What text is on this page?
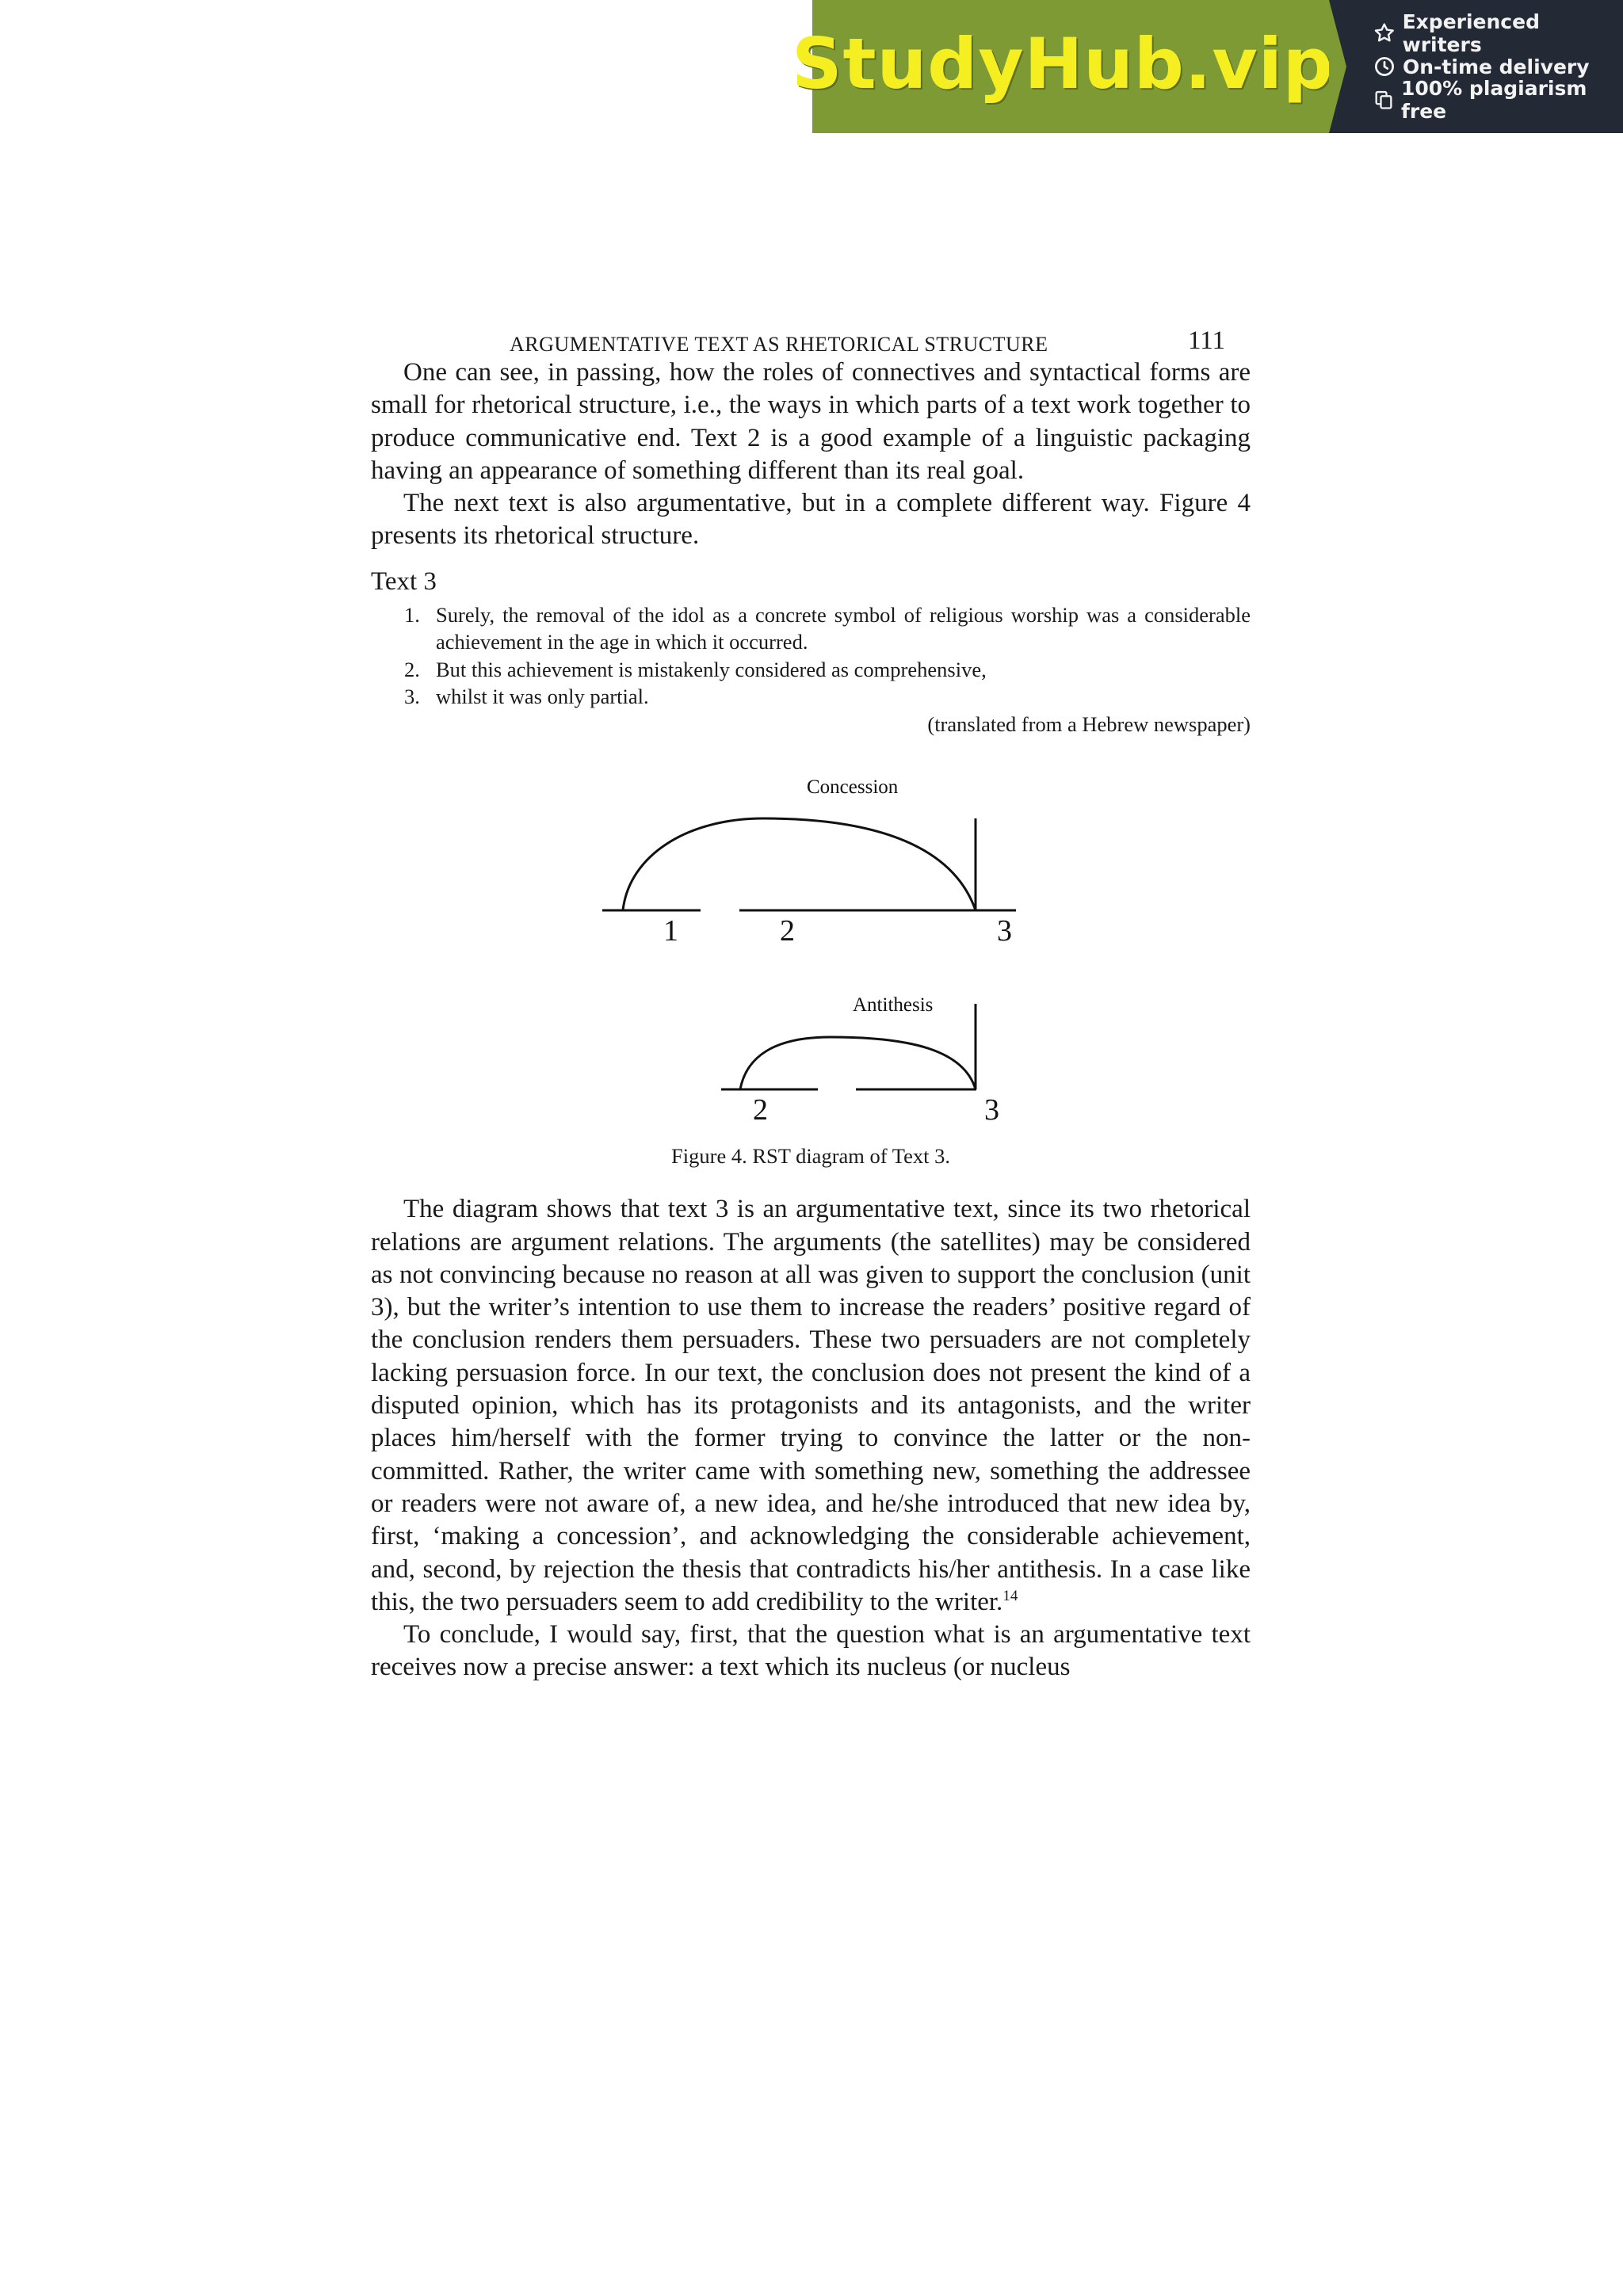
StudyHub.vip
Experienced writers
On-time delivery
100% plagiarism free
ARGUMENTATIVE TEXT AS RHETORICAL STRUCTURE	111

One can see, in passing, how the roles of connectives and syntactical forms are small for rhetorical structure, i.e., the ways in which parts of a text work together to produce communicative end. Text 2 is a good example of a linguistic packaging having an appearance of something different than its real goal.

The next text is also argumentative, but in a complete different way. Figure 4 presents its rhetorical structure.

Text 3
1. Surely, the removal of the idol as a concrete symbol of religious worship was a considerable achievement in the age in which it occurred.
2. But this achievement is mistakenly considered as comprehensive,
3. whilst it was only partial.
(translated from a Hebrew newspaper)
Concession
1	2	3
Antithesis
2	3
Figure 4. RST diagram of Text 3.

The diagram shows that text 3 is an argumentative text, since its two rhetorical relations are argument relations. The arguments (the satellites) may be considered as not convincing because no reason at all was given to support the conclusion (unit 3), but the writer’s intention to use them to increase the readers’ positive regard of the conclusion renders them persuaders. These two persuaders are not completely lacking persuasion force. In our text, the conclusion does not present the kind of a disputed opinion, which has its protagonists and its antagonists, and the writer places him/herself with the former trying to convince the latter or the non-committed. Rather, the writer came with something new, something the addressee or readers were not aware of, a new idea, and he/she introduced that new idea by, first, ‘making a concession’, and acknowledging the considerable achievement, and, second, by rejection the thesis that contradicts his/her antithesis. In a case like this, the two persuaders seem to add credibility to the writer.$^{14}$

To conclude, I would say, first, that the question what is an argumentative text receives now a precise answer: a text which its nucleus (or nucleus
